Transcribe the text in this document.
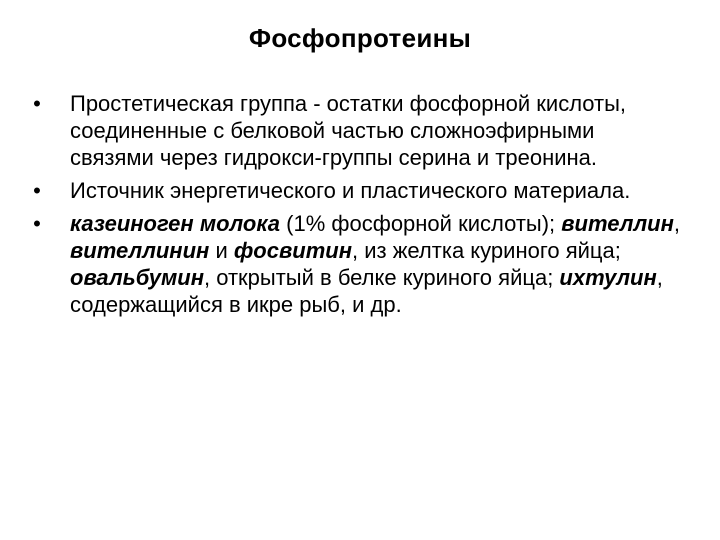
Фосфопротеины
• Простетическая группа - остатки фосфорной кислоты, соединенные с белковой частью сложноэфирными связями через гидрокси-группы серина и треонина.
• Источник энергетического и пластического материала.
• казеиноген молока (1% фосфорной кислоты); вителлин, вителлинин и фосвитин, из желтка куриного яйца; овальбумин, открытый в белке куриного яйца; ихтулин, содержащийся в икре рыб, и др.
